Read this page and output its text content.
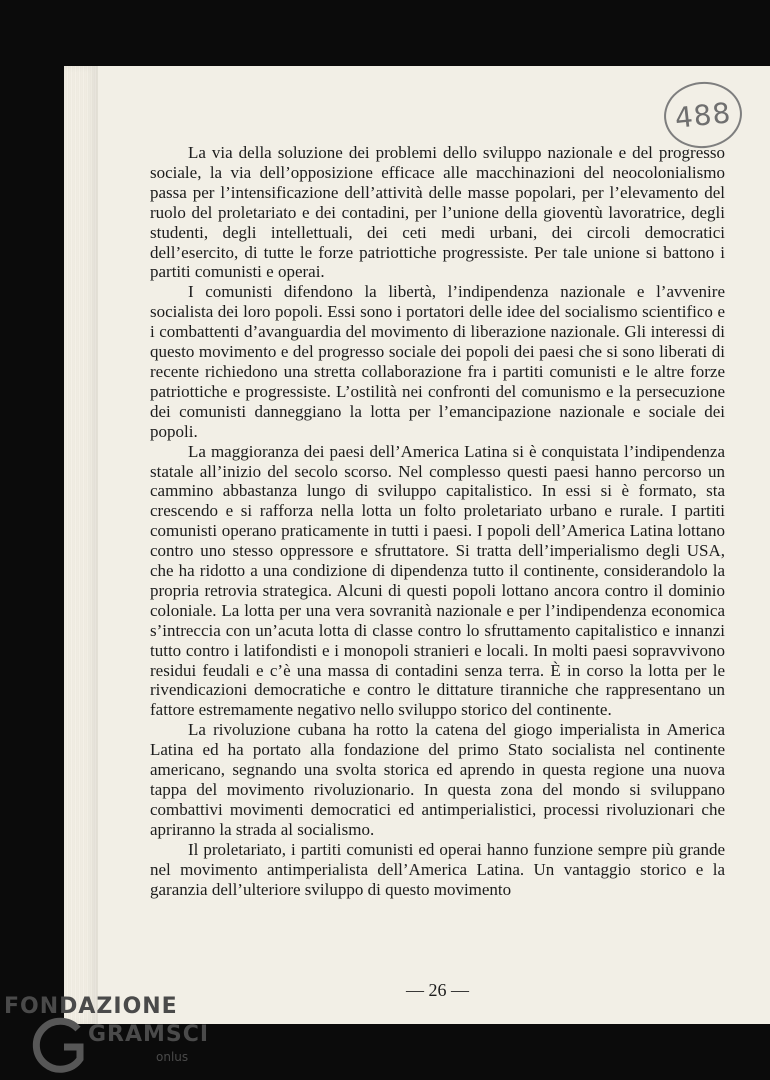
488

La via della soluzione dei problemi dello sviluppo nazionale e del progresso sociale, la via dell’opposizione efficace alle macchinazioni del neocolonialismo passa per l’intensificazione dell’attività delle masse popolari, per l’elevamento del ruolo del proletariato e dei contadini, per l’unione della gioventù lavoratrice, degli studenti, degli intellettuali, dei ceti medi urbani, dei circoli democratici dell’esercito, di tutte le forze patriottiche progressiste. Per tale unione si battono i partiti comunisti e operai.

I comunisti difendono la libertà, l’indipendenza nazionale e l’avvenire socialista dei loro popoli. Essi sono i portatori delle idee del socialismo scientifico e i combattenti d’avanguardia del movimento di liberazione nazionale. Gli interessi di questo movimento e del progresso sociale dei popoli dei paesi che si sono liberati di recente richiedono una stretta collaborazione fra i partiti comunisti e le altre forze patriottiche e progressiste. L’ostilità nei confronti del comunismo e la persecuzione dei comunisti danneggiano la lotta per l’emancipazione nazionale e sociale dei popoli.

La maggioranza dei paesi dell’America Latina si è conquistata l’indipendenza statale all’inizio del secolo scorso. Nel complesso questi paesi hanno percorso un cammino abbastanza lungo di sviluppo capitalistico. In essi si è formato, sta crescendo e si rafforza nella lotta un folto proletariato urbano e rurale. I partiti comunisti operano praticamente in tutti i paesi. I popoli dell’America Latina lottano contro uno stesso oppressore e sfruttatore. Si tratta dell’imperialismo degli USA, che ha ridotto a una condizione di dipendenza tutto il continente, considerandolo la propria retrovia strategica. Alcuni di questi popoli lottano ancora contro il dominio coloniale. La lotta per una vera sovranità nazionale e per l’indipendenza economica s’intreccia con un’acuta lotta di classe contro lo sfruttamento capitalistico e innanzi tutto contro i latifondisti e i monopoli stranieri e locali. In molti paesi sopravvivono residui feudali e c’è una massa di contadini senza terra. È in corso la lotta per le rivendicazioni democratiche e contro le dittature tiranniche che rappresentano un fattore estremamente negativo nello sviluppo storico del continente.

La rivoluzione cubana ha rotto la catena del giogo imperialista in America Latina ed ha portato alla fondazione del primo Stato socialista nel continente americano, segnando una svolta storica ed aprendo in questa regione una nuova tappa del movimento rivoluzionario. In questa zona del mondo si sviluppano combattivi movimenti democratici ed antimperialistici, processi rivoluzionari che apriranno la strada al socialismo.

Il proletariato, i partiti comunisti ed operai hanno funzione sempre più grande nel movimento antimperialista dell’America Latina. Un vantaggio storico e la garanzia dell’ulteriore sviluppo di questo movimento

— 26 —
FONDAZIONE
GRAMSCI
onlus
